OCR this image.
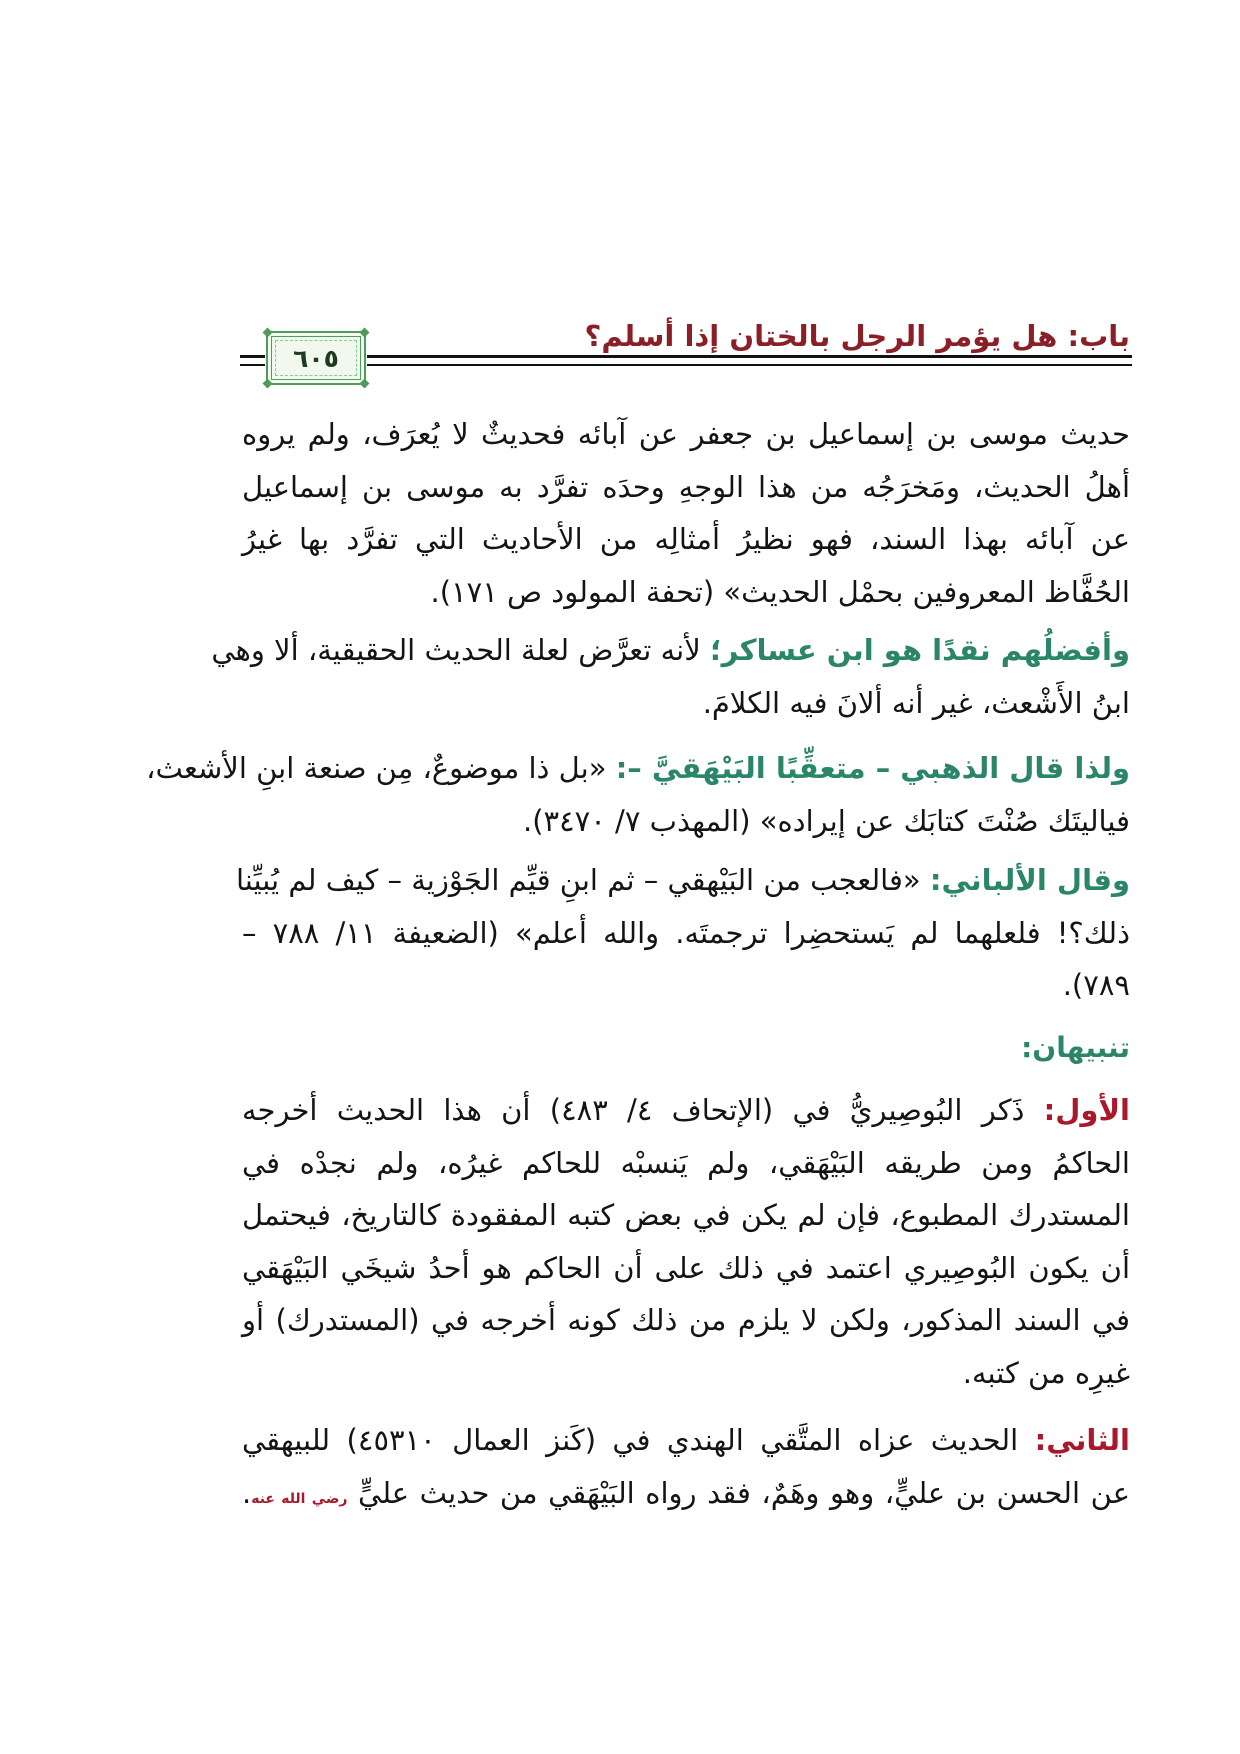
باب: هل يؤمر الرجل بالختان إذا أسلم؟
٦٠٥
حديث موسى بن إسماعيل بن جعفر عن آبائه فحديثٌ لا يُعرَف، ولم يروه
أهلُ الحديث، ومَخرَجُه من هذا الوجهِ وحدَه تفرَّد به موسى بن إسماعيل
عن آبائه بهذا السند، فهو نظيرُ أمثالِه من الأحاديث التي تفرَّد بها غيرُ
الحُفَّاظ المعروفين بحمْل الحديث» (تحفة المولود ص ١٧١).
وأفضلُهم نقدًا هو ابن عساكر؛ لأنه تعرَّض لعلة الحديث الحقيقية، ألا وهي
ابنُ الأَشْعث، غير أنه ألانَ فيه الكلامَ.
ولذا قال الذهبي – متعقِّبًا البَيْهَقيَّ –: «بل ذا موضوعٌ، مِن صنعة ابنِ الأشعث،
فياليتَك صُنْتَ كتابَك عن إيراده» (المهذب ٧/ ٣٤٧٠).
وقال الألباني: «فالعجب من البَيْهقي – ثم ابنِ قيِّم الجَوْزية – كيف لم يُبيِّنا
ذلك؟! فلعلهما لم يَستحضِرا ترجمتَه. والله أعلم» (الضعيفة ١١/ ٧٨٨ –
٧٨٩).
تنبيهان:
الأول: ذَكر البُوصِيريُّ في (الإتحاف ٤/ ٤٨٣) أن هذا الحديث أخرجه
الحاكمُ ومن طريقه البَيْهَقي، ولم يَنسبْه للحاكم غيرُه، ولم نجدْه في
المستدرك المطبوع، فإن لم يكن في بعض كتبه المفقودة كالتاريخ، فيحتمل
أن يكون البُوصِيري اعتمد في ذلك على أن الحاكم هو أحدُ شيخَي البَيْهَقي
في السند المذكور، ولكن لا يلزم من ذلك كونه أخرجه في (المستدرك) أو
غيرِه من كتبه.
الثاني: الحديث عزاه المتَّقي الهندي في (كَنز العمال ٤٥٣١٠) للبيهقي
عن الحسن بن عليٍّ، وهو وهَمٌ، فقد رواه البَيْهَقي من حديث عليٍّ رضي الله عنه.
